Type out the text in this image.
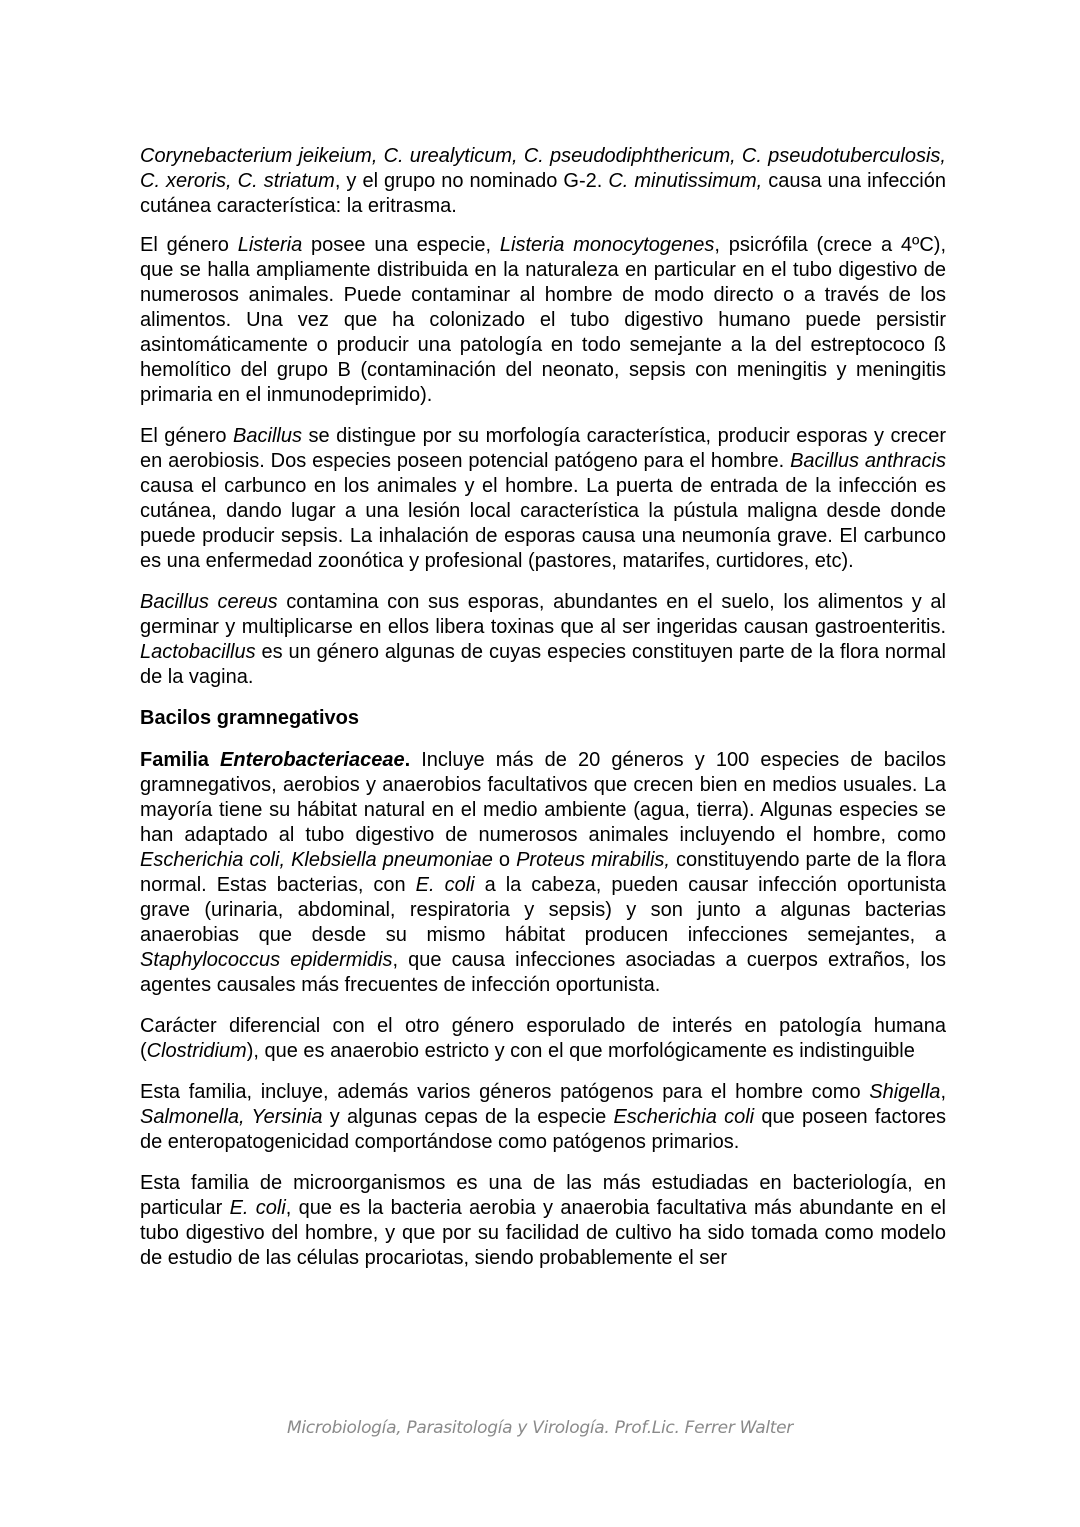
Corynebacterium jeikeium, C. urealyticum, C. pseudodiphthericum, C. pseudotuberculosis, C. xeroris, C. striatum, y el grupo no nominado G-2. C. minutissimum, causa una infección cutánea característica: la eritrasma.

El género Listeria posee una especie, Listeria monocytogenes, psicrófila (crece a 4ºC), que se halla ampliamente distribuida en la naturaleza en particular en el tubo digestivo de numerosos animales. Puede contaminar al hombre de modo directo o a través de los alimentos. Una vez que ha colonizado el tubo digestivo humano puede persistir asintomáticamente o producir una patología en todo semejante a la del estreptococo ß hemolítico del grupo B (contaminación del neonato, sepsis con meningitis y meningitis primaria en el inmunodeprimido).

El género Bacillus se distingue por su morfología característica, producir esporas y crecer en aerobiosis. Dos especies poseen potencial patógeno para el hombre. Bacillus anthracis causa el carbunco en los animales y el hombre. La puerta de entrada de la infección es cutánea, dando lugar a una lesión local característica la pústula maligna desde donde puede producir sepsis. La inhalación de esporas causa una neumonía grave. El carbunco es una enfermedad zoonótica y profesional (pastores, matarifes, curtidores, etc).

Bacillus cereus contamina con sus esporas, abundantes en el suelo, los alimentos y al germinar y multiplicarse en ellos libera toxinas que al ser ingeridas causan gastroenteritis. Lactobacillus es un género algunas de cuyas especies constituyen parte de la flora normal de la vagina.

Bacilos gramnegativos

Familia Enterobacteriaceae. Incluye más de 20 géneros y 100 especies de bacilos gramnegativos, aerobios y anaerobios facultativos que crecen bien en medios usuales. La mayoría tiene su hábitat natural en el medio ambiente (agua, tierra). Algunas especies se han adaptado al tubo digestivo de numerosos animales incluyendo el hombre, como Escherichia coli, Klebsiella pneumoniae o Proteus mirabilis, constituyendo parte de la flora normal. Estas bacterias, con E. coli a la cabeza, pueden causar infección oportunista grave (urinaria, abdominal, respiratoria y sepsis) y son junto a algunas bacterias anaerobias que desde su mismo hábitat producen infecciones semejantes, a Staphylococcus epidermidis, que causa infecciones asociadas a cuerpos extraños, los agentes causales más frecuentes de infección oportunista.

Carácter diferencial con el otro género esporulado de interés en patología humana (Clostridium), que es anaerobio estricto y con el que morfológicamente es indistinguible

Esta familia, incluye, además varios géneros patógenos para el hombre como Shigella, Salmonella, Yersinia y algunas cepas de la especie Escherichia coli que poseen factores de enteropatogenicidad comportándose como patógenos primarios.

Esta familia de microorganismos es una de las más estudiadas en bacteriología, en particular E. coli, que es la bacteria aerobia y anaerobia facultativa más abundante en el tubo digestivo del hombre, y que por su facilidad de cultivo ha sido tomada como modelo de estudio de las células procariotas, siendo probablemente el ser

Microbiología, Parasitología y Virología. Prof.Lic. Ferrer Walter
